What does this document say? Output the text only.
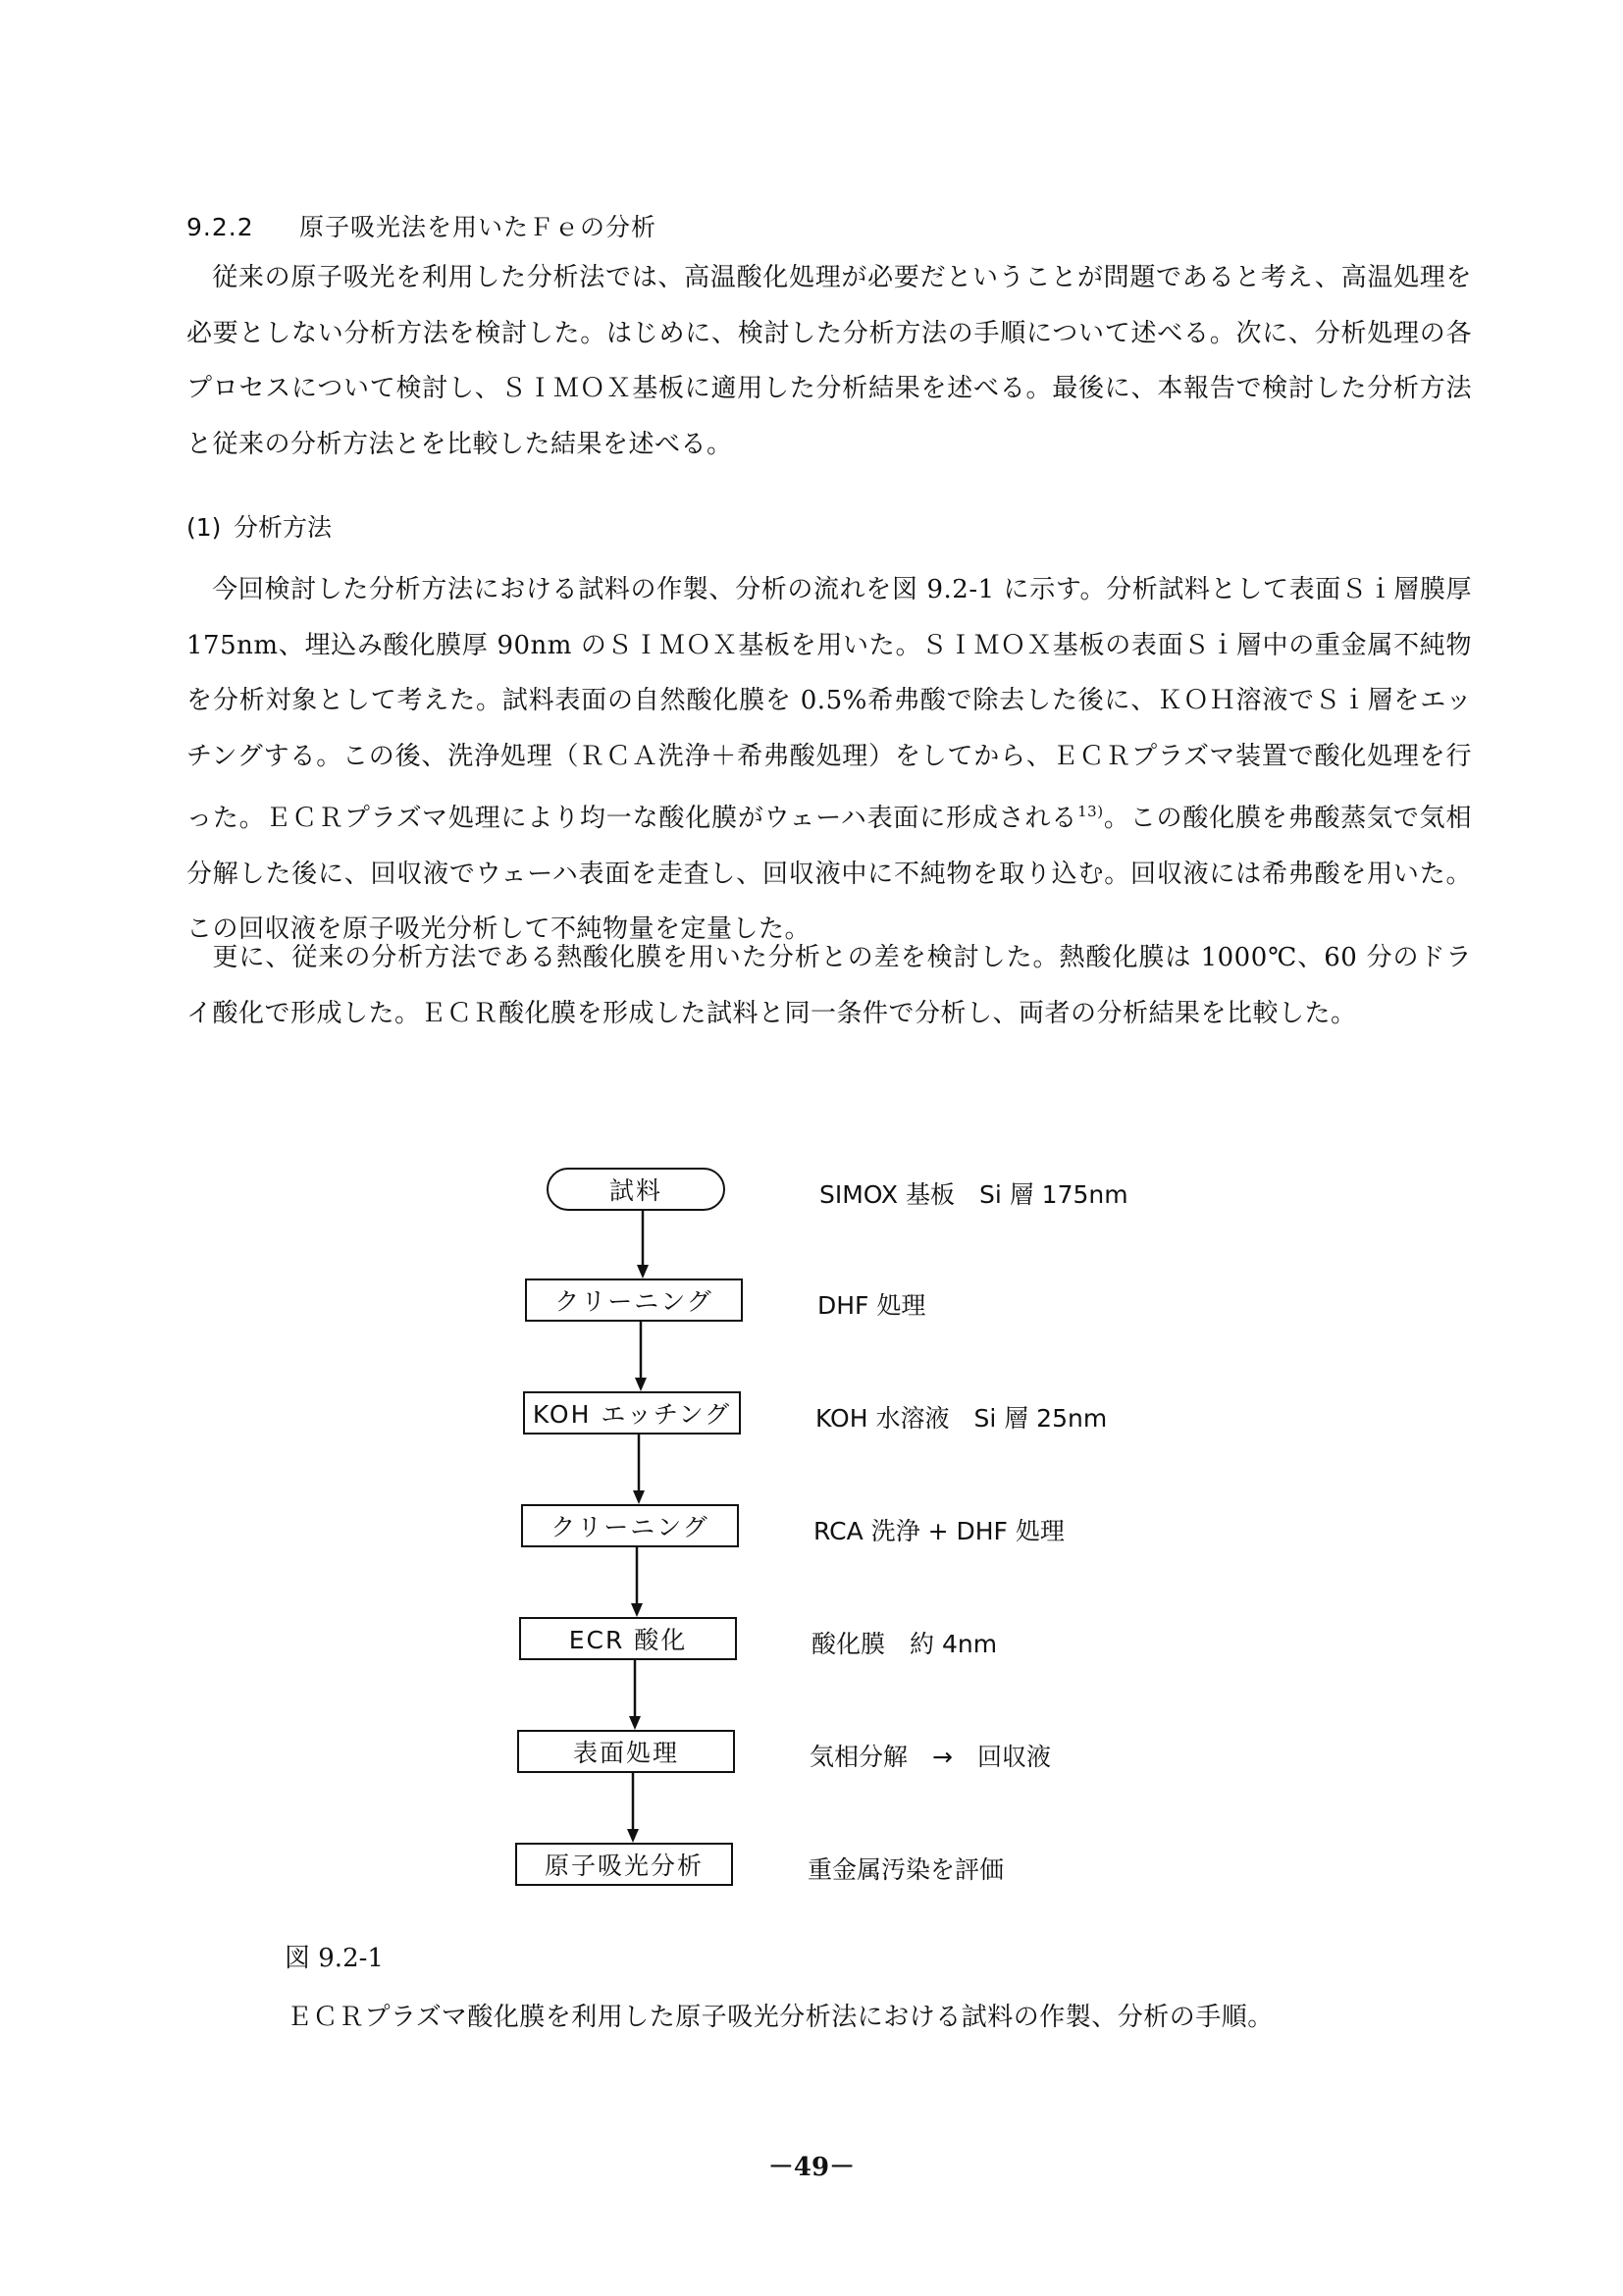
9.2.2 原子吸光法を用いたＦｅの分析
従来の原子吸光を利用した分析法では、高温酸化処理が必要だということが問題であると考え、高温処理を必要としない分析方法を検討した。はじめに、検討した分析方法の手順について述べる。次に、分析処理の各プロセスについて検討し、ＳＩＭＯＸ基板に適用した分析結果を述べる。最後に、本報告で検討した分析方法と従来の分析方法とを比較した結果を述べる。
(1) 分析方法
今回検討した分析方法における試料の作製、分析の流れを図 9.2-1 に示す。分析試料として表面Ｓｉ層膜厚 175nm、埋込み酸化膜厚 90nm のＳＩＭＯＸ基板を用いた。ＳＩＭＯＸ基板の表面Ｓｉ層中の重金属不純物を分析対象として考えた。試料表面の自然酸化膜を 0.5%希弗酸で除去した後に、ＫＯＨ溶液でＳｉ層をエッチングする。この後、洗浄処理（ＲＣＡ洗浄＋希弗酸処理）をしてから、ＥＣＲプラズマ装置で酸化処理を行った。ＥＣＲプラズマ処理により均一な酸化膜がウェーハ表面に形成される$^{13)}$。この酸化膜を弗酸蒸気で気相分解した後に、回収液でウェーハ表面を走査し、回収液中に不純物を取り込む。回収液には希弗酸を用いた。この回収液を原子吸光分析して不純物量を定量した。
更に、従来の分析方法である熱酸化膜を用いた分析との差を検討した。熱酸化膜は 1000℃、60 分のドライ酸化で形成した。ＥＣＲ酸化膜を形成した試料と同一条件で分析し、両者の分析結果を比較した。
試料	SIMOX 基板　Si 層 175nm
クリーニング	DHF 処理
KOH エッチング	KOH 水溶液　Si 層 25nm
クリーニング	RCA 洗浄 + DHF 処理
ECR 酸化	酸化膜　約 4nm
表面処理	気相分解　→　回収液
原子吸光分析	重金属汚染を評価
図 9.2-1
ＥＣＲプラズマ酸化膜を利用した原子吸光分析法における試料の作製、分析の手順。
－49－
